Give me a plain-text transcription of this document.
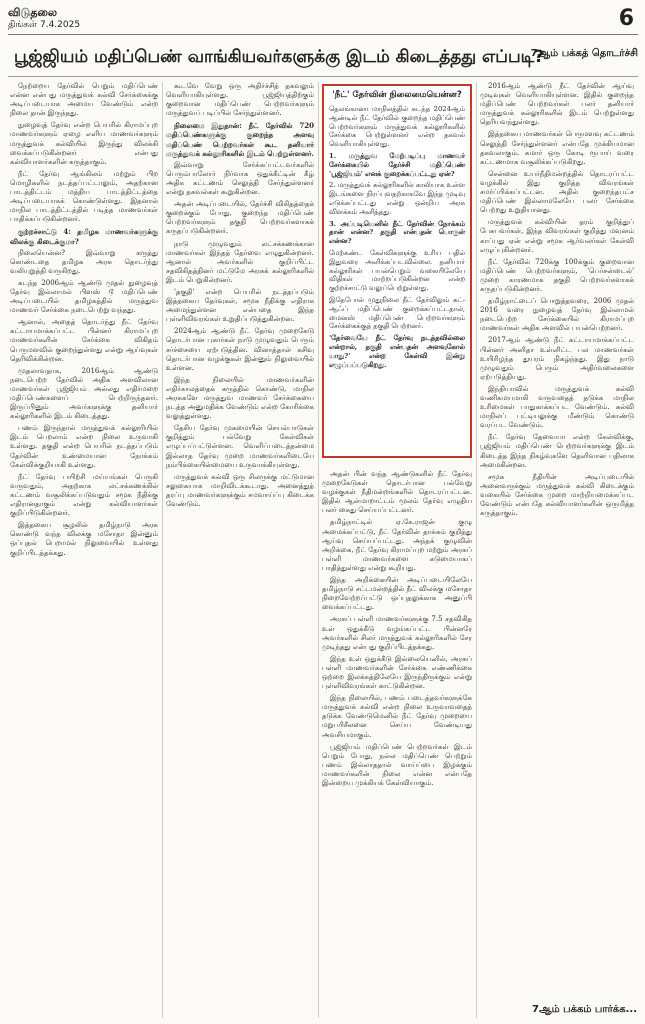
விடுதலை
திங்கள் 7.4.2025	6
பூஜ்ஜியம் மதிப்பெண் வாங்கியவர்களுக்கு இடம் கிடைத்தது எப்படி?
7ஆம் பக்கத் தொடர்ச்சி

நேற்றைய தேர்வில் பெறும் மதிப்பெண் என்ன என்பது மருத்துவக் கல்வி சேர்க்கைக்கு அடிப்படையாக அமைய வேண்டும் என்ற நிலை தான் இருந்தது.

நுழைவுத் தேர்வு என்ற பெயரில் கிராமப்புற மாணவர்களும் ஏழை எளிய மாணவர்களும் மருத்துவக் கல்வியில் இருந்து விலக்கி வைக்கப்படுகின்றனர் என்பது கல்வியாளர்களின் கருத்தாகும்.

நீட் தேர்வு ஆங்கிலம் மற்றும் பிற மொழிகளில் நடத்தப்பட்டாலும், அதற்கான பாடத்திட்டம் மத்திய பாடத்திட்டத்தை அடிப்படையாகக் கொண்டுள்ளது. இதனால் மாநில பாடத்திட்டத்தில் படித்த மாணவர்கள் பாதிக்கப்படுகின்றனர்.

குற்றச்சாட்டு 4: தமிழக மாணவர்களுக்கு விலக்கு கிடைக்குமா?

நிலையென்ன? இவ்வாறு கருத்து கொண்டதை தமிழக அரசு தொடர்ந்து வலியுறுத்தி வருகிறது.

கடந்த 2006ஆம் ஆண்டு முதல் நுழைவுத் தேர்வு இல்லாமல் பிளஸ் டூ மதிப்பெண் அடிப்படையில் தமிழகத்தில் மருத்துவ மாணவர் சேர்க்கை நடைபெற்று வந்தது.

ஆனால், அதைத் தொடர்ந்து நீட் தேர்வு கட்டாயமாக்கப்பட்ட பின்னர் கிராமப்புற மாணவர்களின் சேர்க்கை விகிதம் பெருமளவில் குறைந்துள்ளது என்று ஆய்வுகள் தெரிவிக்கின்றன.

முதலாவதாக, 2016ஆம் ஆண்டு நடைபெற்ற தேர்வில் அதிக அளவிலான மாணவர்கள் பூஜ்ஜியம் அல்லது எதிர்மறை மதிப்பெண்களைப் பெற்றிருந்தனர். இருப்பினும் அவர்களுக்கு தனியார் கல்லூரிகளில் இடம் கிடைத்தது.

பணம் இருந்தால் மருத்துவக் கல்லூரியில் இடம் பெறலாம் என்ற நிலை உருவாகி உள்ளது. தகுதி என்ற பெயரில் நடத்தப்படும் தேர்வின் உண்மையான நோக்கம் கேள்விக்குறியாகி உள்ளது.

நீட் தேர்வு பயிற்சி மய்யங்கள் பெருகி வருவதும், அதற்காக லட்சக்கணக்கில் கட்டணம் வசூலிக்கப்படுவதும் சமூக நீதிக்கு எதிரானதாகும் என்று கல்வியாளர்கள் குறிப்பிடுகின்றனர்.

இத்தகைய சூழலில் தமிழ்நாடு அரசு கொண்டு வந்த விலக்கு மசோதா இன்னும் ஒப்புதல் பெறாமல் நிலுவையில் உள்ளது குறிப்பிடத்தக்கது.

கூடவே வேறு ஒரு அதிர்ச்சித் தகவலும் வெளியாகியுள்ளது. பூஜ்ஜியத்திற்கும் குறைவான மதிப்பெண் பெற்றவர்களும் மருத்துவப் படிப்பில் சேர்ந்துள்ளனர்.

நிலைமை இதுதான்: நீட் தேர்வில் 720 மதிப்பெண்களுக்கு குறைந்த அளவு மதிப்பெண் பெற்றவர்கள் கூட தனியார் மருத்துவக் கல்லூரிகளில் இடம் பெற்றுள்ளனர்.

இவ்வாறு சேர்க்கப்பட்டவர்களில் பெரும்பாலோர் நிர்வாக ஒதுக்கீட்டின் கீழ் அதிக கட்டணம் செலுத்தி சேர்ந்துள்ளனர் என்று தகவல்கள் கூறுகின்றன.

அதன் அடிப்படையில், தேர்ச்சி விகிதத்தைக் குறைக்கும் போது, குறைந்த மதிப்பெண் பெற்றவர்களும் தகுதி பெற்றவர்களாகக் கருதப்படுகின்றனர்.

நாடு முழுவதும் லட்சக்கணக்கான மாணவர்கள் இந்தத் தேர்வை எழுதுகின்றனர். ஆனால் அவர்களில் குறிப்பிட்ட சதவிகிதத்தினர் மட்டுமே அரசுக் கல்லூரிகளில் இடம் பெறுகின்றனர்.

'தகுதி' என்ற பெயரில் நடத்தப்படும் இத்தகைய தேர்வுகள், சமூக நீதிக்கு எதிராக அமைந்துள்ளன என்பதை இந்த புள்ளிவிவரங்கள் உறுதிப்படுத்துகின்றன.

2024ஆம் ஆண்டு நீட் தேர்வு முறைகேடு தொடர்பான புகார்கள் நாடு முழுவதும் பெரும் சர்ச்சையை ஏற்படுத்தின. வினாத்தாள் கசிவு தொடர்பான வழக்குகள் இன்னும் நிலுவையில் உள்ளன.

இந்த நிலையில் மாணவர்களின் எதிர்காலத்தைக் கருத்தில் கொண்டு, மாநில அரசுகளே மருத்துவ மாணவர் சேர்க்கையை நடத்த அனுமதிக்க வேண்டும் என்ற கோரிக்கை வலுத்துள்ளது.

தேசிய தேர்வு முகமையின் செயல்பாடுகள் குறித்தும் பல்வேறு கேள்விகள் எழுப்பப்பட்டுள்ளன. வெளிப்படைத்தன்மை இல்லாத தேர்வு முறை மாணவர்களிடையே நம்பிக்கையின்மையை உருவாக்கியுள்ளது.

மருத்துவக் கல்வி ஒரு சிலருக்கு மட்டுமான சலுகையாக மாறிவிடக்கூடாது. அனைத்துத் தரப்பு மாணவர்களுக்கும் சமவாய்ப்பு கிடைக்க வேண்டும்.

'நீட்' தேர்வின் நிலைமையென்ன?

தெலங்கானா மாநிலத்தில் கடந்த 2024ஆம் ஆண்டில் நீட் தேர்வில் குறைந்த மதிப்பெண் பெற்றவர்களும் மருத்துவக் கல்லூரிகளில் சேர்க்கை பெற்றுள்ளனர் என்ற தகவல் வெளியாகியுள்ளது.

1. மருத்துவ மேற்படிப்பு மாணவர் சேர்க்கையில் தேர்ச்சி மதிப்பெண் 'பூஜ்ஜியம்' எனக் குறைக்கப்பட்டது ஏன்?

2. மருத்துவக் கல்லூரிகளில் காலியாக உள்ள இடங்களை நிரப்புவதற்காகவே இந்த முடிவு எடுக்கப்பட்டது என்று ஒன்றிய அரசு விளக்கம் அளித்தது.

3. அப்படியெனில் நீட் தேர்வின் நோக்கம் தான் என்ன? தகுதி என்பதன் பொருள் என்ன?

மேற்கண்ட கேள்விகளுக்கு உரிய பதில் இதுவரை அளிக்கப்படவில்லை. தனியார் கல்லூரிகள் பயன்பெறும் வகையிலேயே விதிகள் மாற்றப்படுகின்றன என்ற குற்றச்சாட்டு வலுப்பெற்றுள்ளது.

இதேபோல் முதுநிலை நீட் தேர்விலும் கட்-ஆஃப் மதிப்பெண் குறைக்கப்பட்டதால், மைனஸ் மதிப்பெண் பெற்றவர்களும் சேர்க்கைக்குத் தகுதி பெற்றனர்.

'தேர்வையே நீட் தேர்வு நடத்தவில்லை என்றால், தகுதி என்பதன் அளவுகோல் யாது?' என்ற கேள்வி இன்று எழுப்பப்படுகிறது.

அதன் பின் வந்த ஆண்டுகளில் நீட் தேர்வு முறைகேடுகள் தொடர்பான பல்வேறு வழக்குகள் நீதிமன்றங்களில் தொடரப்பட்டன. இதில் ஆள்மாறாட்டம் மூலம் தேர்வு எழுதிய பலர் கைது செய்யப்பட்டனர்.

தமிழ்நாட்டில் ஏ.கே.ராஜன் குழு அமைக்கப்பட்டு, நீட் தேர்வின் தாக்கம் குறித்து ஆய்வு செய்யப்பட்டது. அந்தக் குழுவின் அறிக்கை, நீட் தேர்வு கிராமப்புற மற்றும் அரசுப் பள்ளி மாணவர்களை கடுமையாகப் பாதித்துள்ளது என்று கூறியது.

இந்த அறிக்கையின் அடிப்படையிலேயே தமிழ்நாடு சட்டமன்றத்தில் நீட் விலக்கு மசோதா நிறைவேற்றப்பட்டு ஒப்புதலுக்காக அனுப்பி வைக்கப்பட்டது.

அரசுப் பள்ளி மாணவர்களுக்கு 7.5 சதவிகித உள் ஒதுக்கீடு வழங்கப்பட்ட பின்னரே அவர்களில் சிலர் மருத்துவக் கல்லூரிகளில் சேர முடிந்தது என்பது குறிப்பிடத்தக்கது.

இந்த உள் ஒதுக்கீடு இல்லையெனில், அரசுப் பள்ளி மாணவர்களின் சேர்க்கை எண்ணிக்கை ஒற்றை இலக்கத்திலேயே இருந்திருக்கும் என்று புள்ளிவிவரங்கள் காட்டுகின்றன.

இந்த நிலையில், பணம் படைத்தவர்களுக்கே மருத்துவக் கல்வி என்ற நிலை உருவாவதைத் தடுக்க வேண்டுமெனில் நீட் தேர்வு முறையை மறுபரிசீலனை செய்ய வேண்டியது அவசியமாகும்.

பூஜ்ஜியம் மதிப்பெண் பெற்றவர்கள் இடம் பெறும் போது, நல்ல மதிப்பெண் பெற்றும் பணம் இல்லாததால் வாய்ப்பை இழக்கும் மாணவர்களின் நிலை என்ன என்பதே இன்றைய முக்கியக் கேள்வியாகும்.

2016ஆம் ஆண்டு நீட் தேர்வின் ஆய்வு முடிவுகள் வெளியாகியுள்ளன. இதில் குறைந்த மதிப்பெண் பெற்றவர்கள் பலர் தனியார் மருத்துவக் கல்லூரிகளில் இடம் பெற்றுள்ளது தெரியவந்துள்ளது.

இத்தகைய மாணவர்கள் பெருமளவு கட்டணம் செலுத்தி சேர்ந்துள்ளனர் என்பதே முக்கியமான தகவலாகும். சுமார் ஒரு கோடி ரூபாய் வரை கட்டணமாக வசூலிக்கப்படுகிறது.

சென்னை உயர்நீதிமன்றத்தில் தொடரப்பட்ட வழக்கில் இது குறித்த விவரங்கள் சமர்ப்பிக்கப்பட்டன. அதில் குறைந்தபட்ச மதிப்பெண் இல்லாமலேயே பலர் சேர்க்கை பெற்றது உறுதியானது.

மருத்துவக் கல்வியின் தரம் குறித்துப் பேசுபவர்கள், இந்த விவரங்கள் குறித்து மவுனம் காப்பது ஏன் என்று சமூக ஆர்வலர்கள் கேள்வி எழுப்புகின்றனர்.

நீட் தேர்வில் 720க்கு 100க்கும் குறைவான மதிப்பெண் பெற்றவர்களும், 'பெர்சன்டைல்' முறை காரணமாக தகுதி பெற்றவர்களாகக் கருதப்படுகின்றனர்.

தமிழ்நாட்டைப் பொறுத்தவரை, 2006 முதல் 2016 வரை நுழைவுத் தேர்வு இல்லாமல் நடைபெற்ற சேர்க்கையில் கிராமப்புற மாணவர்கள் அதிக அளவில் பயன்பெற்றனர்.

2017ஆம் ஆண்டு நீட் கட்டாயமாக்கப்பட்ட பின்னர் அனிதா உள்ளிட்ட பல மாணவர்கள் உயிரிழந்த துயரம் நிகழ்ந்தது. இது நாடு முழுவதும் பெரும் அதிர்வலைகளை ஏற்படுத்தியது.

இந்தியாவில் மருத்துவக் கல்வி வணிகமயமாகி வருவதைத் தடுக்க மாநில உரிமைகள் பாதுகாக்கப்பட வேண்டும். கல்வி மாநிலப் பட்டியலுக்கு மீண்டும் கொண்டு வரப்பட வேண்டும்.

நீட் தேர்வு தேவையா என்ற கேள்விக்கு, பூஜ்ஜியம் மதிப்பெண் பெற்றவர்களுக்கு இடம் கிடைத்த இந்த நிகழ்வுகளே தெளிவான பதிலாக அமைகின்றன.

சமூக நீதியின் அடிப்படையில் அனைவருக்கும் மருத்துவக் கல்வி கிடைக்கும் வகையில் சேர்க்கை முறை மாற்றியமைக்கப்பட வேண்டும் என்பதே கல்வியாளர்களின் ஒருமித்த கருத்தாகும்.

7ஆம் பக்கம் பார்க்க...
